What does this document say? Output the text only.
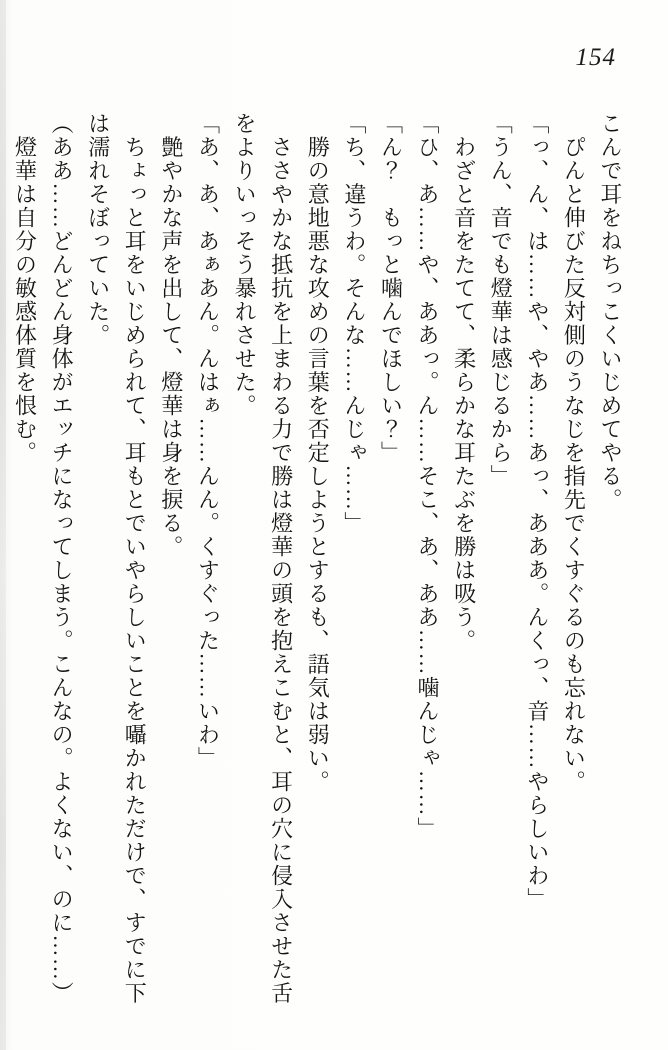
154

こんで耳をねちっこくいじめてやる。

　ぴんと伸びた反対側のうなじを指先でくすぐるのも忘れない。

「っ、ん、は……や、やあ……あっ、あああ。んくっ、音……やらしいわ」

「うん、音でも燈華は感じるから」

　わざと音をたてて、柔らかな耳たぶを勝は吸う。

「ひ、あ……や、ああっ。ん……そこ、あ、ああ……噛んじゃ……」

「ん？　もっと噛んでほしい？」

「ち、違うわ。そんな……んじゃ……」

　勝の意地悪な攻めの言葉を否定しようとするも、語気は弱い。

　ささやかな抵抗を上まわる力で勝は燈華の頭を抱えこむと、耳の穴に侵入させた舌をよりいっそう暴れさせた。

「あ、あ、あぁあん。んはぁ……んん。くすぐった……いわ」

　艶やかな声を出して、燈華は身を捩る。

　ちょっと耳をいじめられて、耳もとでいやらしいことを囁かれただけで、すでに下は濡れそぼっていた。

（ああ……どんどん身体がエッチになってしまう。こんなの。よくない、のに……）

　燈華は自分の敏感体質を恨む。
